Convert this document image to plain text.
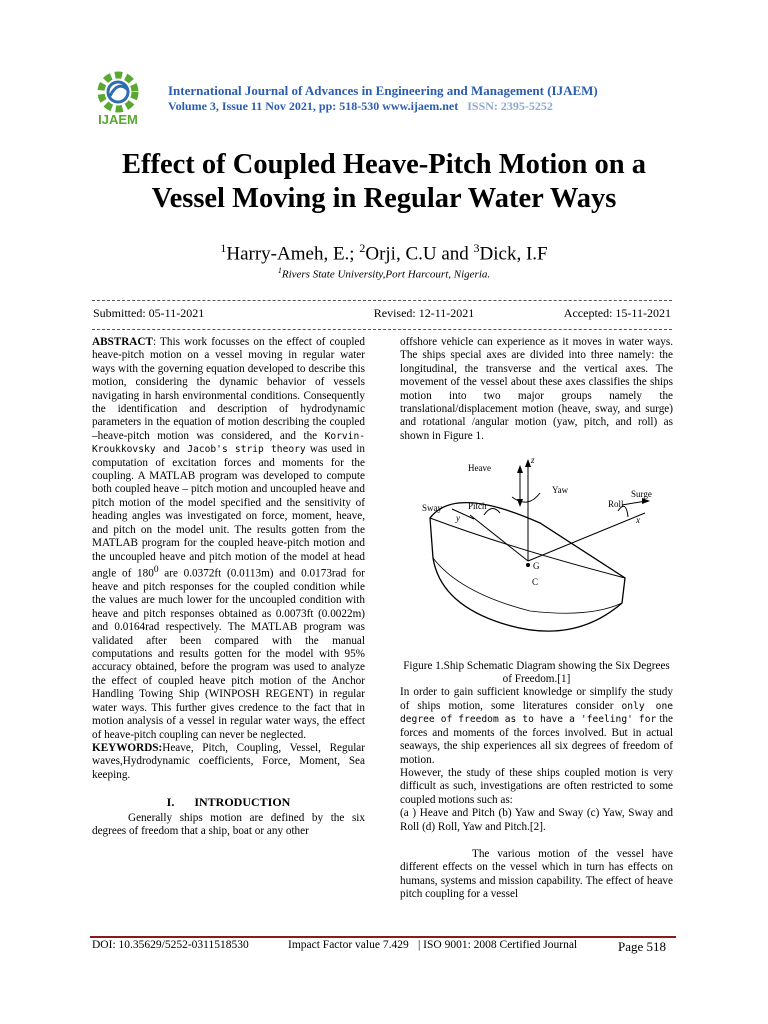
IJAEM
International Journal of Advances in Engineering and Management (IJAEM)
Volume 3, Issue 11 Nov 2021, pp: 518-530 www.ijaem.net ISSN: 2395-5252
Effect of Coupled Heave-Pitch Motion on a
Vessel Moving in Regular Water Ways
$^1$Harry-Ameh, E.; $^2$Orji, C.U and $^3$Dick, I.F
$^1$Rivers State University,Port Harcourt, Nigeria.
Submitted: 05-11-2021	Revised: 12-11-2021	Accepted: 15-11-2021

ABSTRACT: This work focusses on the effect of coupled heave-pitch motion on a vessel moving in regular water ways with the governing equation developed to describe this motion, considering the dynamic behavior of vessels navigating in harsh environmental conditions. Consequently the identification and description of hydrodynamic parameters in the equation of motion describing the coupled –heave-pitch motion was considered, and the Korvin-Kroukkovsky and Jacob's strip theory was used in computation of excitation forces and moments for the coupling. A MATLAB program was developed to compute both coupled heave – pitch motion and uncoupled heave and pitch motion of the model specified and the sensitivity of heading angles was investigated on force, moment, heave, and pitch on the model unit. The results gotten from the MATLAB program for the coupled heave-pitch motion and the uncoupled heave and pitch motion of the model at head angle of $180^0$ are 0.0372ft (0.0113m) and 0.0173rad for heave and pitch responses for the coupled condition while the values are much lower for the uncoupled condition with heave and pitch responses obtained as 0.0073ft (0.0022m) and 0.0164rad respectively. The MATLAB program was validated after been compared with the manual computations and results gotten for the model with 95% accuracy obtained, before the program was used to analyze the effect of coupled heave pitch motion of the Anchor Handling Towing Ship (WINPOSH REGENT) in regular water ways. This further gives credence to the fact that in motion analysis of a vessel in regular water ways, the effect of heave-pitch coupling can never be neglected.

KEYWORDS:Heave, Pitch, Coupling, Vessel, Regular waves,Hydrodynamic coefficients, Force, Moment, Sea keeping.

I. INTRODUCTION

Generally ships motion are defined by the six degrees of freedom that a ship, boat or any other

offshore vehicle can experience as it moves in water ways. The ships special axes are divided into three namely: the longitudinal, the transverse and the vertical axes. The movement of the vessel about these axes classifies the ships motion into two major groups namely the translational/displacement motion (heave, sway, and surge) and rotational /angular motion (yaw, pitch, and roll) as shown in Figure 1.

Heave
z
Yaw	Surge
Roll
Sway	Pitch
y	x
G
C

Figure 1.Ship Schematic Diagram showing the Six Degrees of Freedom.[1]

In order to gain sufficient knowledge or simplify the study of ships motion, some literatures consider only one degree of freedom as to have a 'feeling' for the forces and moments of the forces involved. But in actual seaways, the ship experiences all six degrees of freedom of motion.

However, the study of these ships coupled motion is very difficult as such, investigations are often restricted to some coupled motions such as:

(a ) Heave and Pitch (b) Yaw and Sway (c) Yaw, Sway and Roll (d) Roll, Yaw and Pitch.[2].

The various motion of the vessel have different effects on the vessel which in turn has effects on humans, systems and mission capability. The effect of heave pitch coupling for a vessel

DOI: 10.35629/5252-0311518530	Impact Factor value 7.429 | ISO 9001: 2008 Certified Journal	Page 518
